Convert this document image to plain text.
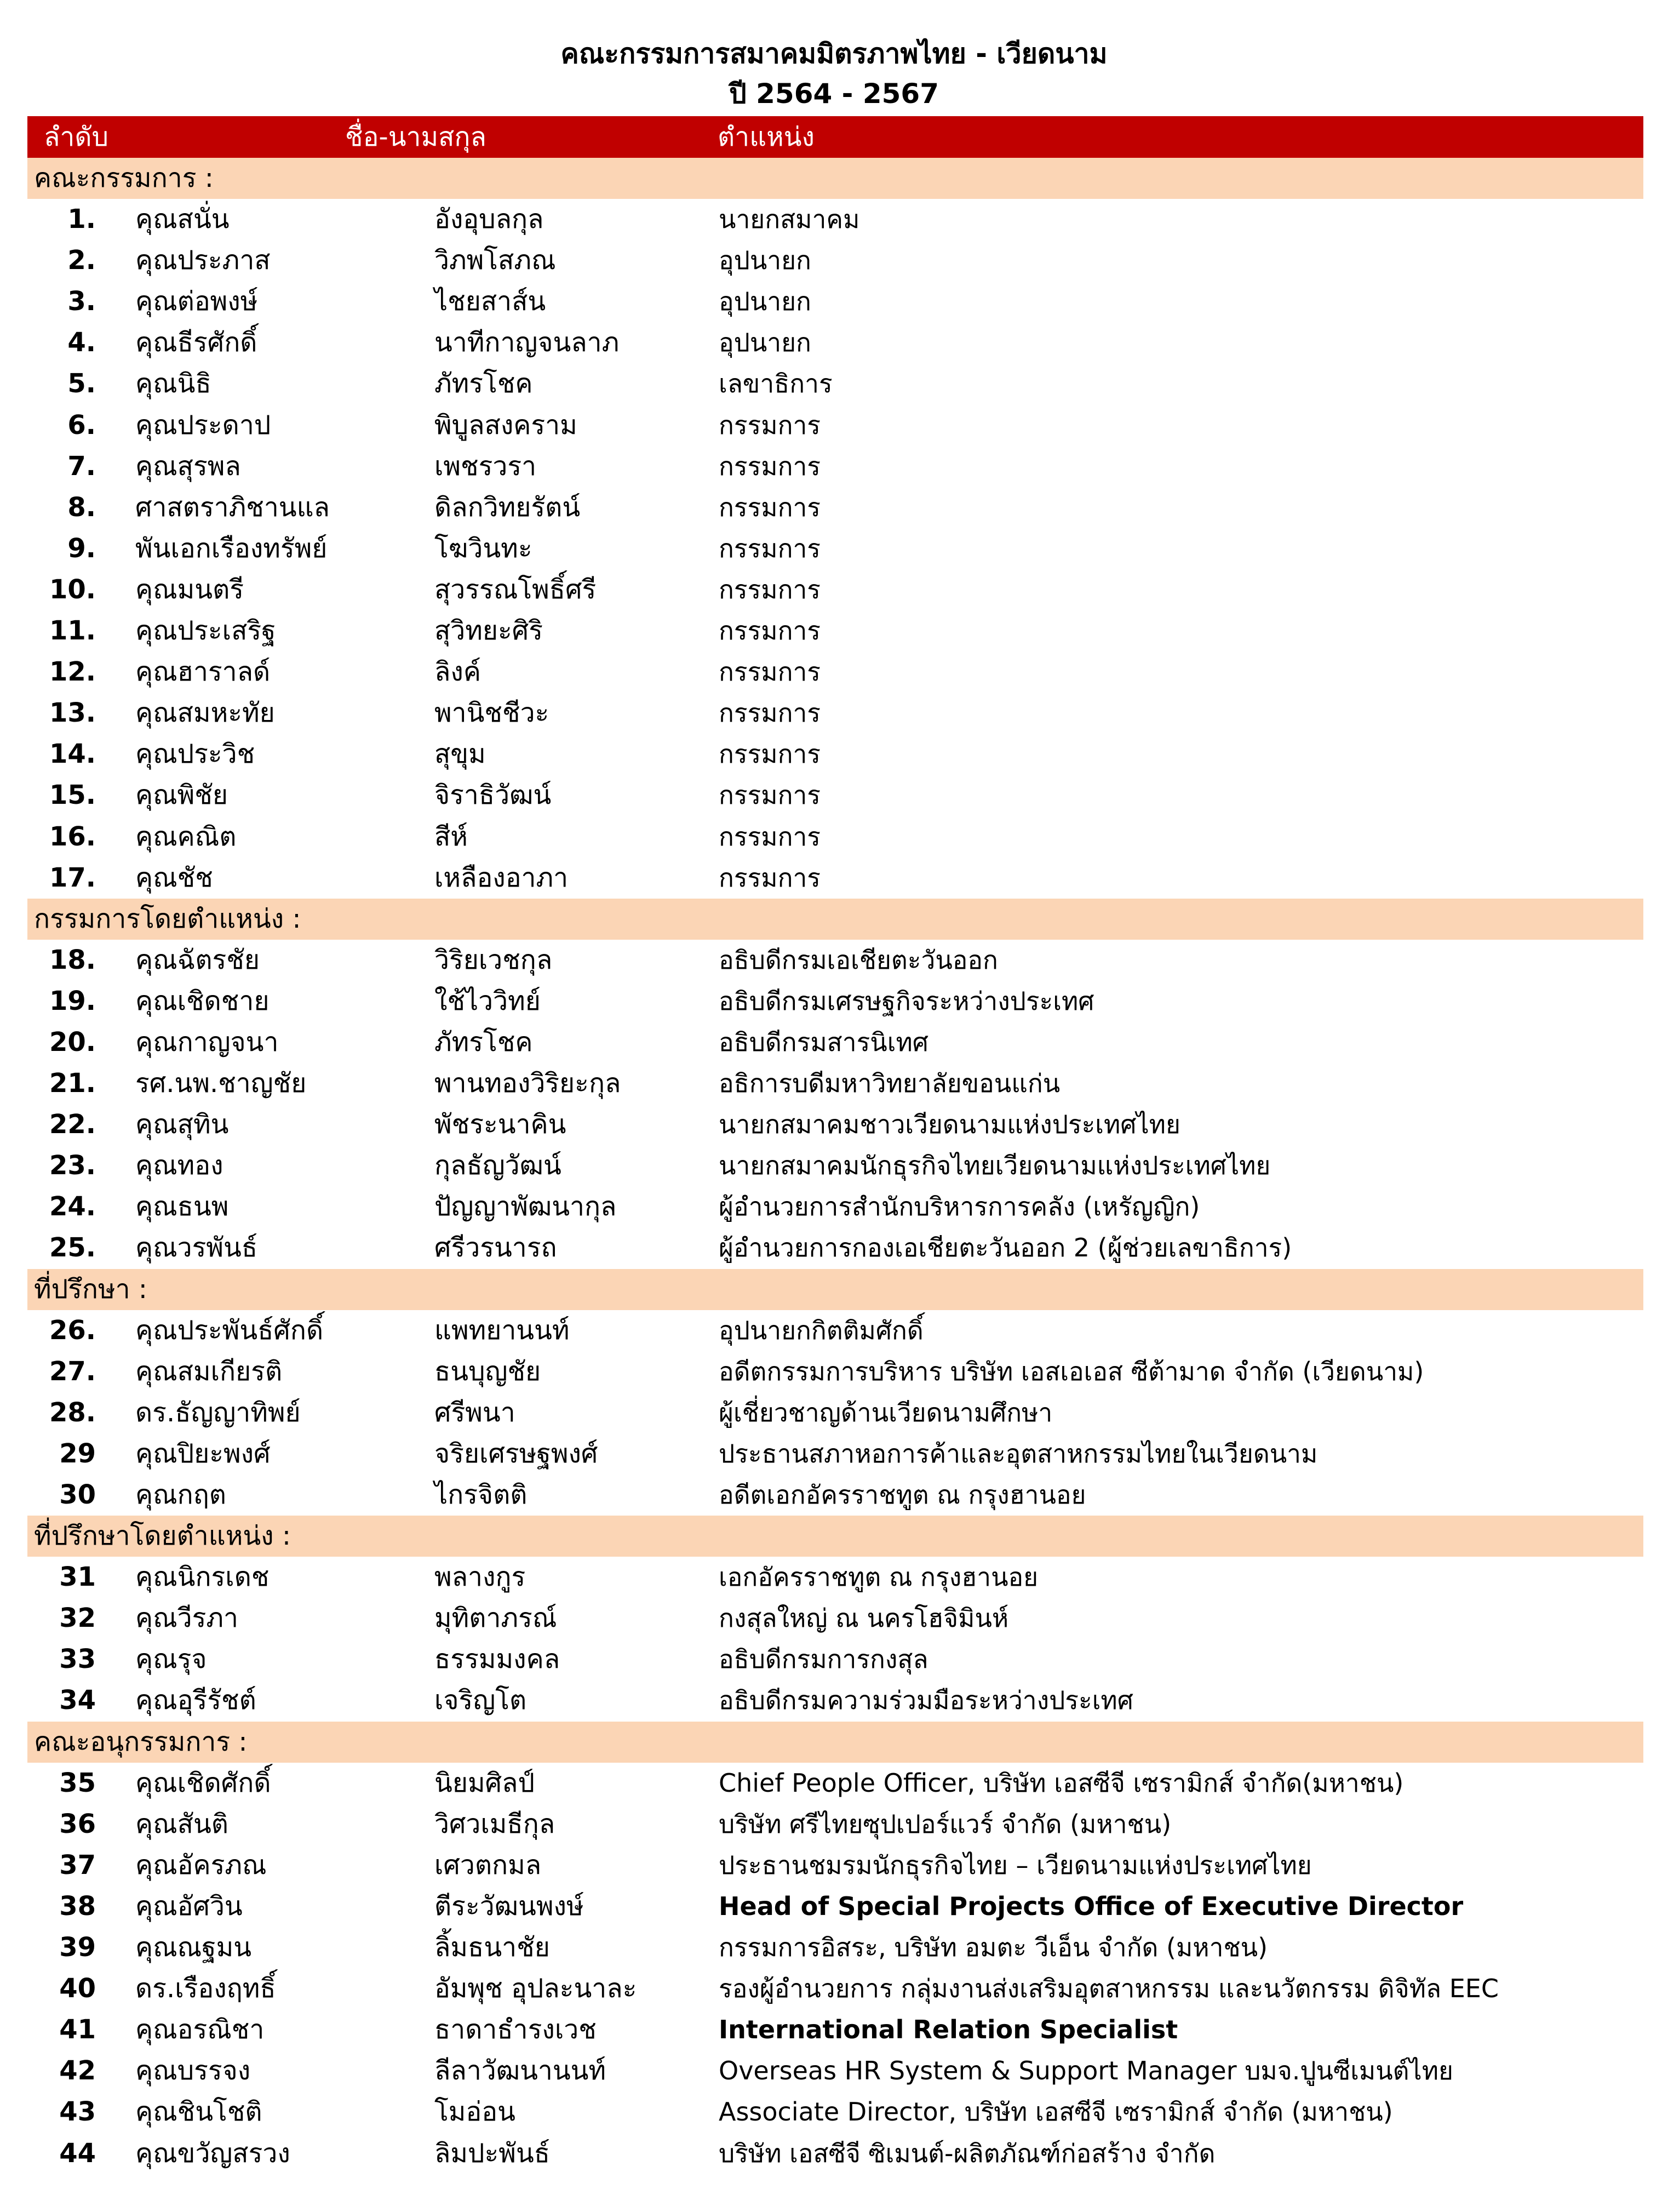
คณะกรรมการสมาคมมิตรภาพไทย - เวียดนาม
ปี 2564 - 2567
ลำดับ	ชื่อ-นามสกุล	ตำแหน่ง
คณะกรรมการ :
1. คุณสนั่น	อังอุบลกุล	นายกสมาคม
2. คุณประภาส	วิภพโสภณ	อุปนายก
3. คุณต่อพงษ์	ไชยสาส์น	อุปนายก
4. คุณธีรศักดิ์	นาทีกาญจนลาภ	อุปนายก
5. คุณนิธิ	ภัทรโชค	เลขาธิการ
6. คุณประดาป	พิบูลสงคราม	กรรมการ
7. คุณสุรพล	เพชรวรา	กรรมการ
8. ศาสตราภิชานแล	ดิลกวิทยรัตน์	กรรมการ
9. พันเอกเรืองทรัพย์	โฆวินทะ	กรรมการ
10. คุณมนตรี	สุวรรณโพธิ์ศรี	กรรมการ
11. คุณประเสริฐ	สุวิทยะศิริ	กรรมการ
12. คุณฮาราลด์	ลิงค์	กรรมการ
13. คุณสมหะทัย	พานิชชีวะ	กรรมการ
14. คุณประวิช	สุขุม	กรรมการ
15. คุณพิชัย	จิราธิวัฒน์	กรรมการ
16. คุณคณิต	สีห์	กรรมการ
17. คุณชัช	เหลืองอาภา	กรรมการ
กรรมการโดยตำแหน่ง :
18. คุณฉัตรชัย	วิริยเวชกุล	อธิบดีกรมเอเชียตะวันออก
19. คุณเชิดชาย	ใช้ไววิทย์	อธิบดีกรมเศรษฐกิจระหว่างประเทศ
20. คุณกาญจนา	ภัทรโชค	อธิบดีกรมสารนิเทศ
21. รศ.นพ.ชาญชัย	พานทองวิริยะกุล	อธิการบดีมหาวิทยาลัยขอนแก่น
22. คุณสุทิน	พัชระนาคิน	นายกสมาคมชาวเวียดนามแห่งประเทศไทย
23. คุณทอง	กุลธัญวัฒน์	นายกสมาคมนักธุรกิจไทยเวียดนามแห่งประเทศไทย
24. คุณธนพ	ปัญญาพัฒนากุล	ผู้อำนวยการสำนักบริหารการคลัง (เหรัญญิก)
25. คุณวรพันธ์	ศรีวรนารถ	ผู้อำนวยการกองเอเชียตะวันออก 2 (ผู้ช่วยเลขาธิการ)
ที่ปรึกษา :
26. คุณประพันธ์ศักดิ์	แพทยานนท์	อุปนายกกิตติมศักดิ์
27. คุณสมเกียรติ	ธนบุญชัย	อดีตกรรมการบริหาร บริษัท เอสเอเอส ซีต้ามาด จำกัด (เวียดนาม)
28. ดร.ธัญญาทิพย์	ศรีพนา	ผู้เชี่ยวชาญด้านเวียดนามศึกษา
29 คุณปิยะพงศ์	จริยเศรษฐพงศ์	ประธานสภาหอการค้าและอุตสาหกรรมไทยในเวียดนาม
30 คุณกฤต	ไกรจิตติ	อดีตเอกอัครราชทูต ณ กรุงฮานอย
ที่ปรึกษาโดยตำแหน่ง :
31 คุณนิกรเดช	พลางกูร	เอกอัครราชทูต ณ กรุงฮานอย
32 คุณวีรภา	มุทิตาภรณ์	กงสุลใหญ่ ณ นครโฮจิมินห์
33 คุณรุจ	ธรรมมงคล	อธิบดีกรมการกงสุล
34 คุณอุรีรัชต์	เจริญโต	อธิบดีกรมความร่วมมือระหว่างประเทศ
คณะอนุกรรมการ :
35 คุณเชิดศักดิ์	นิยมศิลป์	Chief People Officer, บริษัท เอสซีจี เซรามิกส์ จำกัด(มหาชน)
36 คุณสันติ	วิศวเมธีกุล	บริษัท ศรีไทยซุปเปอร์แวร์ จำกัด (มหาชน)
37 คุณอัครภณ	เศวตกมล	ประธานชมรมนักธุรกิจไทย – เวียดนามแห่งประเทศไทย
38 คุณอัศวิน	ตีระวัฒนพงษ์	Head of Special Projects Office of Executive Director
39 คุณณฐมน	ลิ้มธนาชัย	กรรมการอิสระ, บริษัท อมตะ วีเอ็น จำกัด (มหาชน)
40 ดร.เรืองฤทธิ์	อัมพุช อุปละนาละ	รองผู้อำนวยการ กลุ่มงานส่งเสริมอุตสาหกรรม และนวัตกรรม ดิจิทัล EEC
41 คุณอรณิชา	ธาดาธำรงเวช	International Relation Specialist
42 คุณบรรจง	ลีลาวัฒนานนท์	Overseas HR System & Support Manager บมจ.ปูนซีเมนต์ไทย
43 คุณชินโชติ	โมอ่อน	Associate Director, บริษัท เอสซีจี เซรามิกส์ จำกัด (มหาชน)
44 คุณขวัญสรวง	ลิมปะพันธ์	บริษัท เอสซีจี ซิเมนต์-ผลิตภัณฑ์ก่อสร้าง จำกัด
